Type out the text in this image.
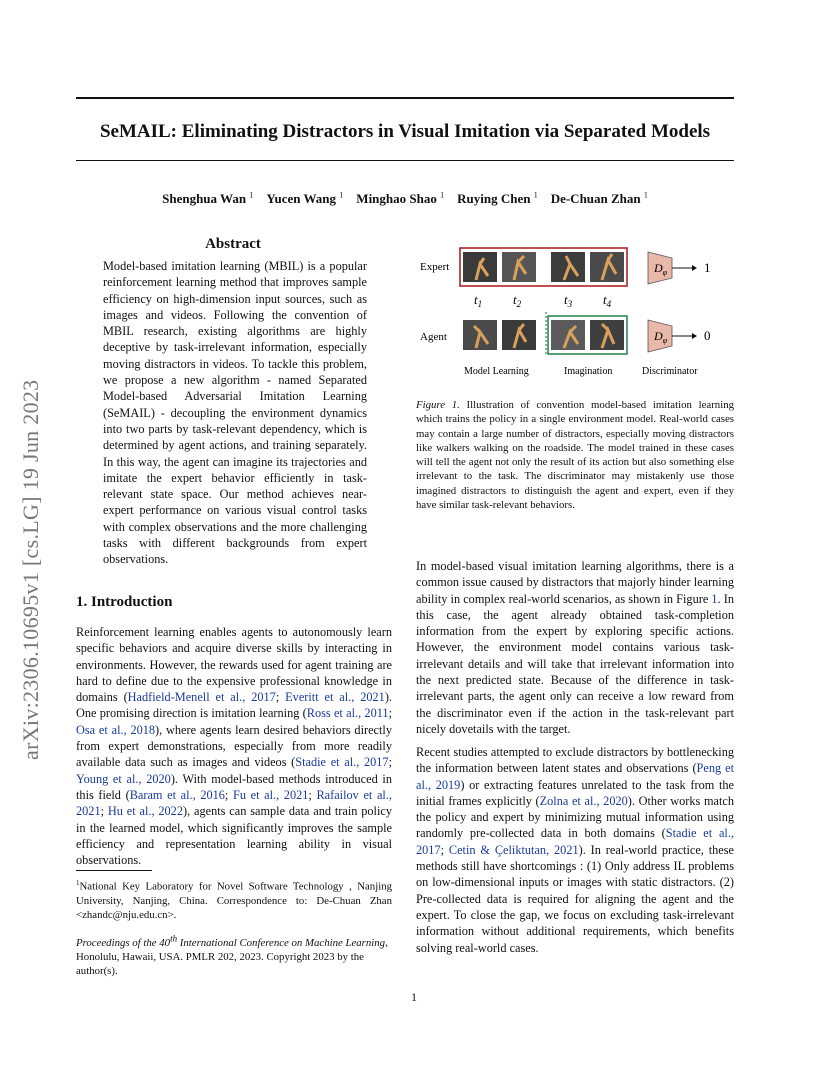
SeMAIL: Eliminating Distractors in Visual Imitation via Separated Models
Shenghua Wan $^1$  Yucen Wang $^1$  Minghao Shao $^1$  Ruying Chen $^1$  De-Chuan Zhan $^1$
arXiv:2306.10695v1 [cs.LG] 19 Jun 2023
Abstract
Model-based imitation learning (MBIL) is a popular reinforcement learning method that improves sample efficiency on high-dimension input sources, such as images and videos. Following the convention of MBIL research, existing algorithms are highly deceptive by task-irrelevant information, especially moving distractors in videos. To tackle this problem, we propose a new algorithm - named Separated Model-based Adversarial Imitation Learning (SeMAIL) - decoupling the environment dynamics into two parts by task-relevant dependency, which is determined by agent actions, and training separately. In this way, the agent can imagine its trajectories and imitate the expert behavior efficiently in task-relevant state space. Our method achieves near-expert performance on various visual control tasks with complex observations and the more challenging tasks with different backgrounds from expert observations.
1. Introduction
Reinforcement learning enables agents to autonomously learn specific behaviors and acquire diverse skills by interacting in environments. However, the rewards used for agent training are hard to define due to the expensive professional knowledge in domains (Hadfield-Menell et al., 2017; Everitt et al., 2021). One promising direction is imitation learning (Ross et al., 2011; Osa et al., 2018), where agents learn desired behaviors directly from expert demonstrations, especially from more readily available data such as images and videos (Stadie et al., 2017; Young et al., 2020). With model-based methods introduced in this field (Baram et al., 2016; Fu et al., 2021; Rafailov et al., 2021; Hu et al., 2022), agents can sample data and train policy in the learned model, which significantly improves the sample efficiency and representation learning ability in visual observations.
$^1$National Key Laboratory for Novel Software Technology , Nanjing University, Nanjing, China. Correspondence to: De-Chuan Zhan <zhandc@nju.edu.cn>.
Proceedings of the 40th International Conference on Machine Learning, Honolulu, Hawaii, USA. PMLR 202, 2023. Copyright 2023 by the author(s).
Expert
Agent
$t_1$ $t_2$	$t_3$ $t_4$
$D_\varphi$	1
$D_\varphi$	0
Model Learning	Imagination	Discriminator
Figure 1. Illustration of convention model-based imitation learning which trains the policy in a single environment model. Real-world cases may contain a large number of distractors, especially moving distractors like walkers walking on the roadside. The model trained in these cases will tell the agent not only the result of its action but also something else irrelevant to the task. The discriminator may mistakenly use those imagined distractors to distinguish the agent and expert, even if they have similar task-relevant behaviors.
In model-based visual imitation learning algorithms, there is a common issue caused by distractors that majorly hinder learning ability in complex real-world scenarios, as shown in Figure 1. In this case, the agent already obtained task-completion information from the expert by exploring specific actions. However, the environment model contains various task-irrelevant details and will take that irrelevant information into the next predicted state. Because of the difference in task-irrelevant parts, the agent only can receive a low reward from the discriminator even if the action in the task-relevant part nicely dovetails with the target.
Recent studies attempted to exclude distractors by bottlenecking the information between latent states and observations (Peng et al., 2019) or extracting features unrelated to the task from the initial frames explicitly (Zolna et al., 2020). Other works match the policy and expert by minimizing mutual information using randomly pre-collected data in both domains (Stadie et al., 2017; Cetin & Çeliktutan, 2021). In real-world practice, these methods still have shortcomings : (1) Only address IL problems on low-dimensional inputs or images with static distractors. (2) Pre-collected data is required for aligning the agent and the expert. To close the gap, we focus on excluding task-irrelevant information without additional requirements, which benefits solving real-world cases.
1
